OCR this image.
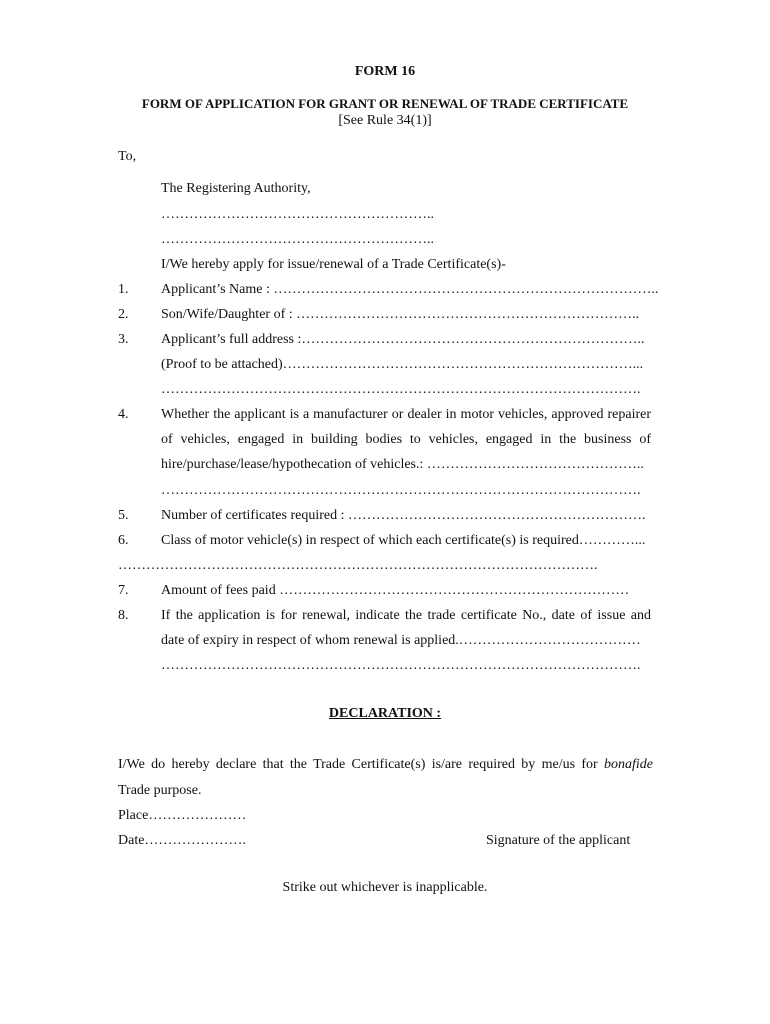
FORM 16
FORM OF APPLICATION FOR GRANT OR RENEWAL OF TRADE CERTIFICATE
[See Rule 34(1)]
To,
The Registering Authority,
…………………………………………………..
…………………………………………………..
I/We hereby apply for issue/renewal of a Trade Certificate(s)-
1. Applicant’s Name : ………………………………………………………………………..
2. Son/Wife/Daughter of : ………………………………………………………………..
3. Applicant’s full address :………………………………………………………………..
(Proof to be attached)…………………………………………………………………...
………………………………………………………………………………………….
4. Whether the applicant is a manufacturer or dealer in motor vehicles, approved repairer
of vehicles, engaged in building bodies to vehicles, engaged in the business of
hire/purchase/lease/hypothecation of vehicles.: ………………………………………..
………………………………………………………………………………………….
5. Number of certificates required : ……………………………………………………….
6. Class of motor vehicle(s) in respect of which each certificate(s) is required…………...
………………………………………………………………………………………….
7. Amount of fees paid …………………………………………………………………
8. If the application is for renewal, indicate the trade certificate No., date of issue and
date of expiry in respect of whom renewal is applied.…………………………………
………………………………………………………………………………………….
DECLARATION :
I/We do hereby declare that the Trade Certificate(s) is/are required by me/us for bonafide
Trade purpose.
Place…………………
Date………………….	Signature of the applicant
Strike out whichever is inapplicable.
